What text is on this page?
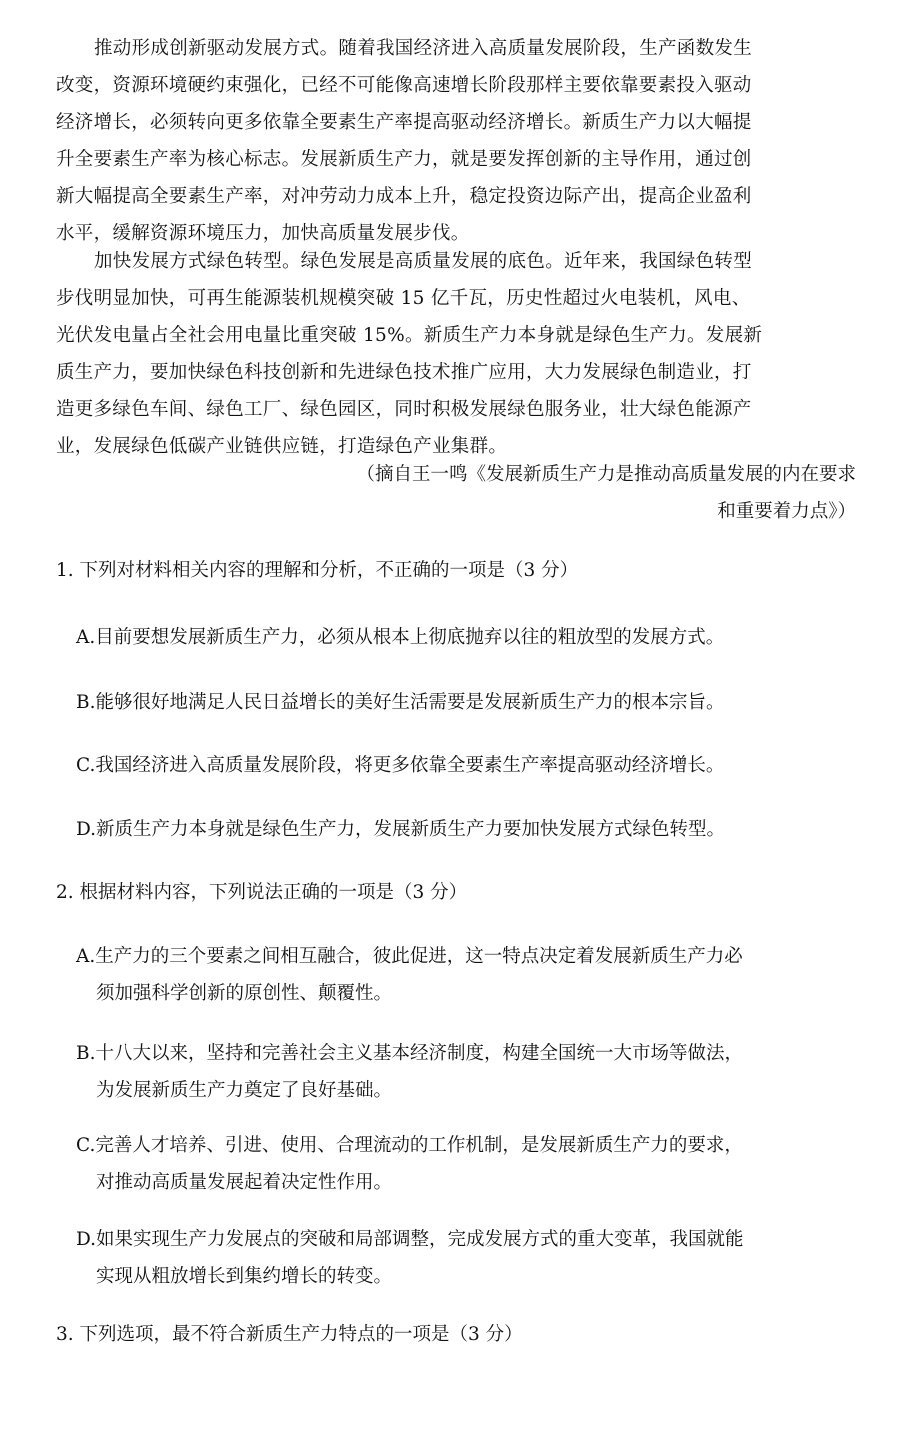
推动形成创新驱动发展方式。随着我国经济进入高质量发展阶段，生产函数发生
改变，资源环境硬约束强化，已经不可能像高速增长阶段那样主要依靠要素投入驱动
经济增长，必须转向更多依靠全要素生产率提高驱动经济增长。新质生产力以大幅提
升全要素生产率为核心标志。发展新质生产力，就是要发挥创新的主导作用，通过创
新大幅提高全要素生产率，对冲劳动力成本上升，稳定投资边际产出，提高企业盈利
水平，缓解资源环境压力，加快高质量发展步伐。
加快发展方式绿色转型。绿色发展是高质量发展的底色。近年来，我国绿色转型
步伐明显加快，可再生能源装机规模突破 15 亿千瓦，历史性超过火电装机，风电、
光伏发电量占全社会用电量比重突破 15%。新质生产力本身就是绿色生产力。发展新
质生产力，要加快绿色科技创新和先进绿色技术推广应用，大力发展绿色制造业，打
造更多绿色车间、绿色工厂、绿色园区，同时积极发展绿色服务业，壮大绿色能源产
业，发展绿色低碳产业链供应链，打造绿色产业集群。
（摘自王一鸣《发展新质生产力是推动高质量发展的内在要求
和重要着力点》）
1. 下列对材料相关内容的理解和分析，不正确的一项是（3 分）
A.目前要想发展新质生产力，必须从根本上彻底抛弃以往的粗放型的发展方式。
B.能够很好地满足人民日益增长的美好生活需要是发展新质生产力的根本宗旨。
C.我国经济进入高质量发展阶段，将更多依靠全要素生产率提高驱动经济增长。
D.新质生产力本身就是绿色生产力，发展新质生产力要加快发展方式绿色转型。
2. 根据材料内容，下列说法正确的一项是（3 分）
A.生产力的三个要素之间相互融合，彼此促进，这一特点决定着发展新质生产力必
须加强科学创新的原创性、颠覆性。
B.十八大以来，坚持和完善社会主义基本经济制度，构建全国统一大市场等做法，
为发展新质生产力奠定了良好基础。
C.完善人才培养、引进、使用、合理流动的工作机制，是发展新质生产力的要求，
对推动高质量发展起着决定性作用。
D.如果实现生产力发展点的突破和局部调整，完成发展方式的重大变革，我国就能
实现从粗放增长到集约增长的转变。
3. 下列选项，最不符合新质生产力特点的一项是（3 分）
